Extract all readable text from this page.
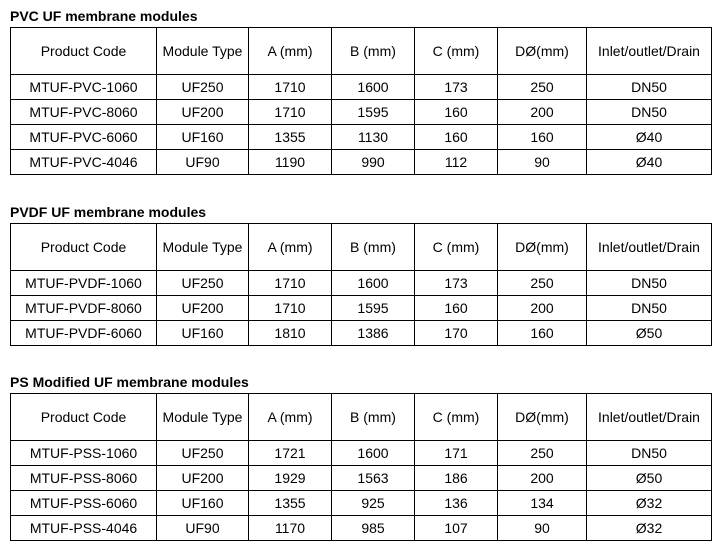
PVC UF membrane modules
Product Code	Module Type	A (mm)	B (mm)	C (mm)	DØ(mm)	Inlet/outlet/Drain
MTUF-PVC-1060	UF250	1710	1600	173	250	DN50
MTUF-PVC-8060	UF200	1710	1595	160	200	DN50
MTUF-PVC-6060	UF160	1355	1130	160	160	Ø40
MTUF-PVC-4046	UF90	1190	990	112	90	Ø40
PVDF UF membrane modules
Product Code	Module Type	A (mm)	B (mm)	C (mm)	DØ(mm)	Inlet/outlet/Drain
MTUF-PVDF-1060	UF250	1710	1600	173	250	DN50
MTUF-PVDF-8060	UF200	1710	1595	160	200	DN50
MTUF-PVDF-6060	UF160	1810	1386	170	160	Ø50
PS Modified UF membrane modules
Product Code	Module Type	A (mm)	B (mm)	C (mm)	DØ(mm)	Inlet/outlet/Drain
MTUF-PSS-1060	UF250	1721	1600	171	250	DN50
MTUF-PSS-8060	UF200	1929	1563	186	200	Ø50
MTUF-PSS-6060	UF160	1355	925	136	134	Ø32
MTUF-PSS-4046	UF90	1170	985	107	90	Ø32
